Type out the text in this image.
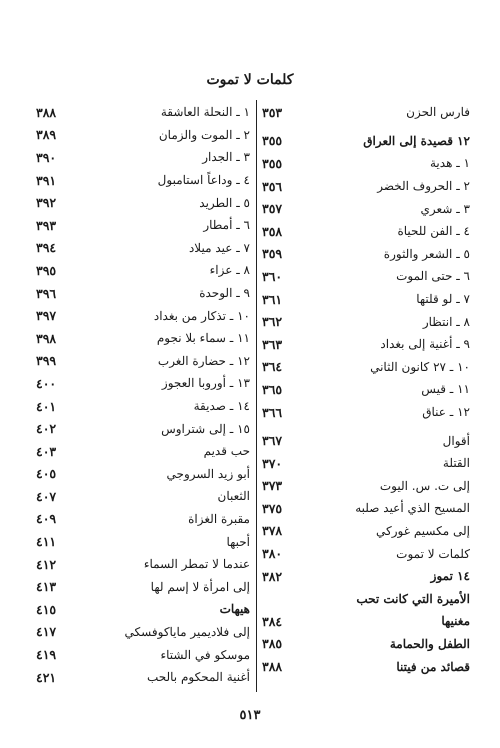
كلمات لا تموت
فارس الحزن
٣٥٣
١٢ قصيدة إلى العراق
٣٥٥
١ ـ هدية
٣٥٥
٢ ـ الحروف الخضر
٣٥٦
٣ ـ شعري
٣٥٧
٤ ـ الفن للحياة
٣٥٨
٥ ـ الشعر والثورة
٣٥٩
٦ ـ حتى الموت
٣٦٠
٧ ـ لو قلتها
٣٦١
٨ ـ انتظار
٣٦٢
٩ ـ أغنية إلى بغداد
٣٦٣
١٠ ـ ٢٧ كانون الثاني
٣٦٤
١١ ـ قيس
٣٦٥
١٢ ـ عناق
٣٦٦
أقوال
٣٦٧
القتلة
٣٧٠
إلى ت. س. اليوت
٣٧٣
المسيح الذي أعيد صلبه
٣٧٥
إلى مكسيم غوركي
٣٧٨
كلمات لا تموت
٣٨٠
١٤ تموز
٣٨٢
الأميرة التي كانت تحب
مغنيها
٣٨٤
الطفل والحمامة
٣٨٥
قصائد من فيتنا
٣٨٨
١ ـ النحلة العاشقة
٣٨٨
٢ ـ الموت والزمان
٣٨٩
٣ ـ الجدار
٣٩٠
٤ ـ وداعاً استامبول
٣٩١
٥ ـ الطريد
٣٩٢
٦ ـ أمطار
٣٩٣
٧ ـ عيد ميلاد
٣٩٤
٨ ـ عزاء
٣٩٥
٩ ـ الوحدة
٣٩٦
١٠ ـ تذكار من بغداد
٣٩٧
١١ ـ سماء بلا نجوم
٣٩٨
١٢ ـ حضارة الغرب
٣٩٩
١٣ ـ أوروبا العجوز
٤٠٠
١٤ ـ صديقة
٤٠١
١٥ ـ إلى شتراوس
٤٠٢
حب قديم
٤٠٣
أبو زيد السروجي
٤٠٥
الثعبان
٤٠٧
مقبرة الغزاة
٤٠٩
أحبها
٤١١
عندما لا تمطر السماء
٤١٢
إلى امرأة لا إسم لها
٤١٣
هيهات
٤١٥
إلى فلاديمير ماياكوفسكي
٤١٧
موسكو في الشتاء
٤١٩
أغنية المحكوم بالحب
٤٢١
٥١٣
